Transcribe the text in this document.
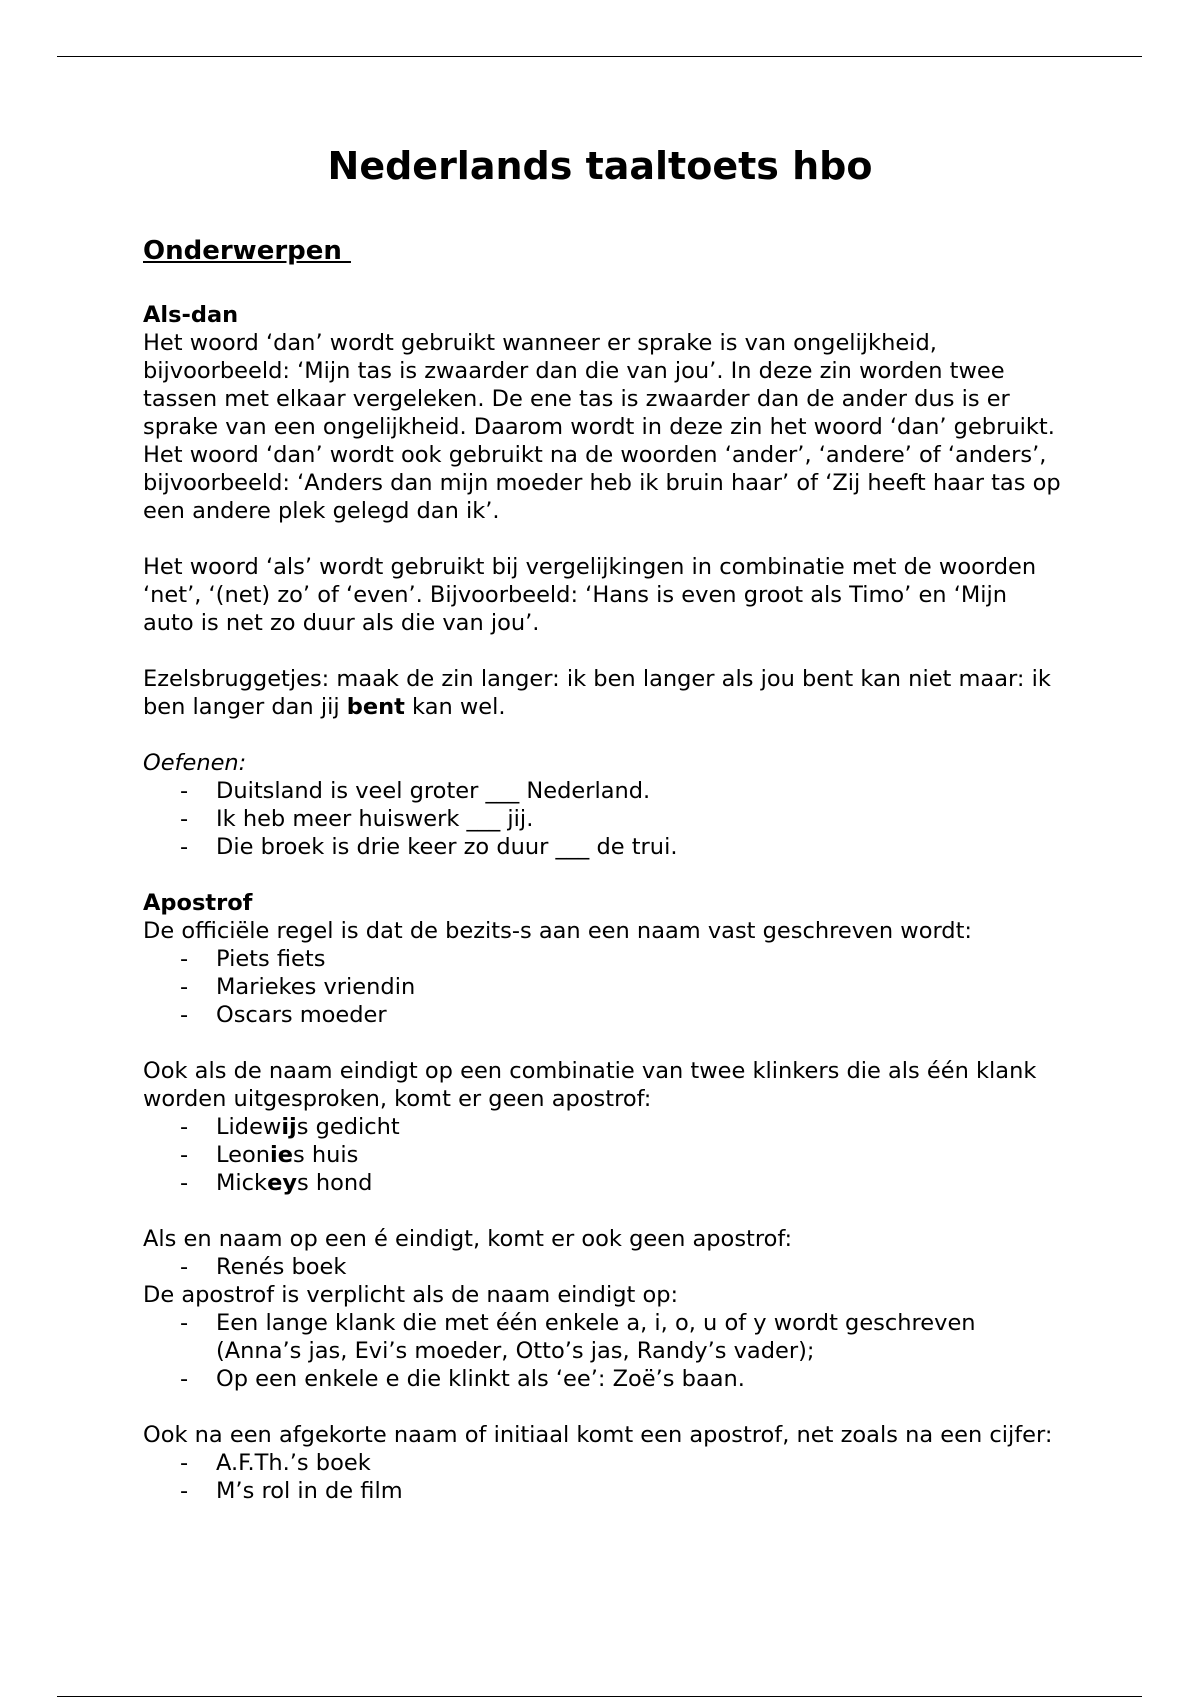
Nederlands taaltoets hbo
Onderwerpen

Als-dan

Het woord ‘dan’ wordt gebruikt wanneer er sprake is van ongelijkheid, bijvoorbeeld: ‘Mijn tas is zwaarder dan die van jou’. In deze zin worden twee tassen met elkaar vergeleken. De ene tas is zwaarder dan de ander dus is er sprake van een ongelijkheid. Daarom wordt in deze zin het woord ‘dan’ gebruikt. Het woord ‘dan’ wordt ook gebruikt na de woorden ‘ander’, ‘andere’ of ‘anders’, bijvoorbeeld: ‘Anders dan mijn moeder heb ik bruin haar’ of ‘Zij heeft haar tas op een andere plek gelegd dan ik’.

Het woord ‘als’ wordt gebruikt bij vergelijkingen in combinatie met de woorden ‘net’, ‘(net) zo’ of ‘even’. Bijvoorbeeld: ‘Hans is even groot als Timo’ en ‘Mijn auto is net zo duur als die van jou’.

Ezelsbruggetjes: maak de zin langer: ik ben langer als jou bent kan niet maar: ik ben langer dan jij bent kan wel.

Oefenen:

- Duitsland is veel groter ___ Nederland.
- Ik heb meer huiswerk ___ jij.
- Die broek is drie keer zo duur ___ de trui.

Apostrof

De officiële regel is dat de bezits-s aan een naam vast geschreven wordt:

- Piets fiets
- Mariekes vriendin
- Oscars moeder

Ook als de naam eindigt op een combinatie van twee klinkers die als één klank worden uitgesproken, komt er geen apostrof:

- Lidewijs gedicht
- Leonies huis
- Mickeys hond

Als en naam op een é eindigt, komt er ook geen apostrof:

- Renés boek

De apostrof is verplicht als de naam eindigt op:

- Een lange klank die met één enkele a, i, o, u of y wordt geschreven (Anna’s jas, Evi’s moeder, Otto’s jas, Randy’s vader);
- Op een enkele e die klinkt als ‘ee’: Zoë’s baan.

Ook na een afgekorte naam of initiaal komt een apostrof, net zoals na een cijfer:

- A.F.Th.’s boek
- M’s rol in de film
